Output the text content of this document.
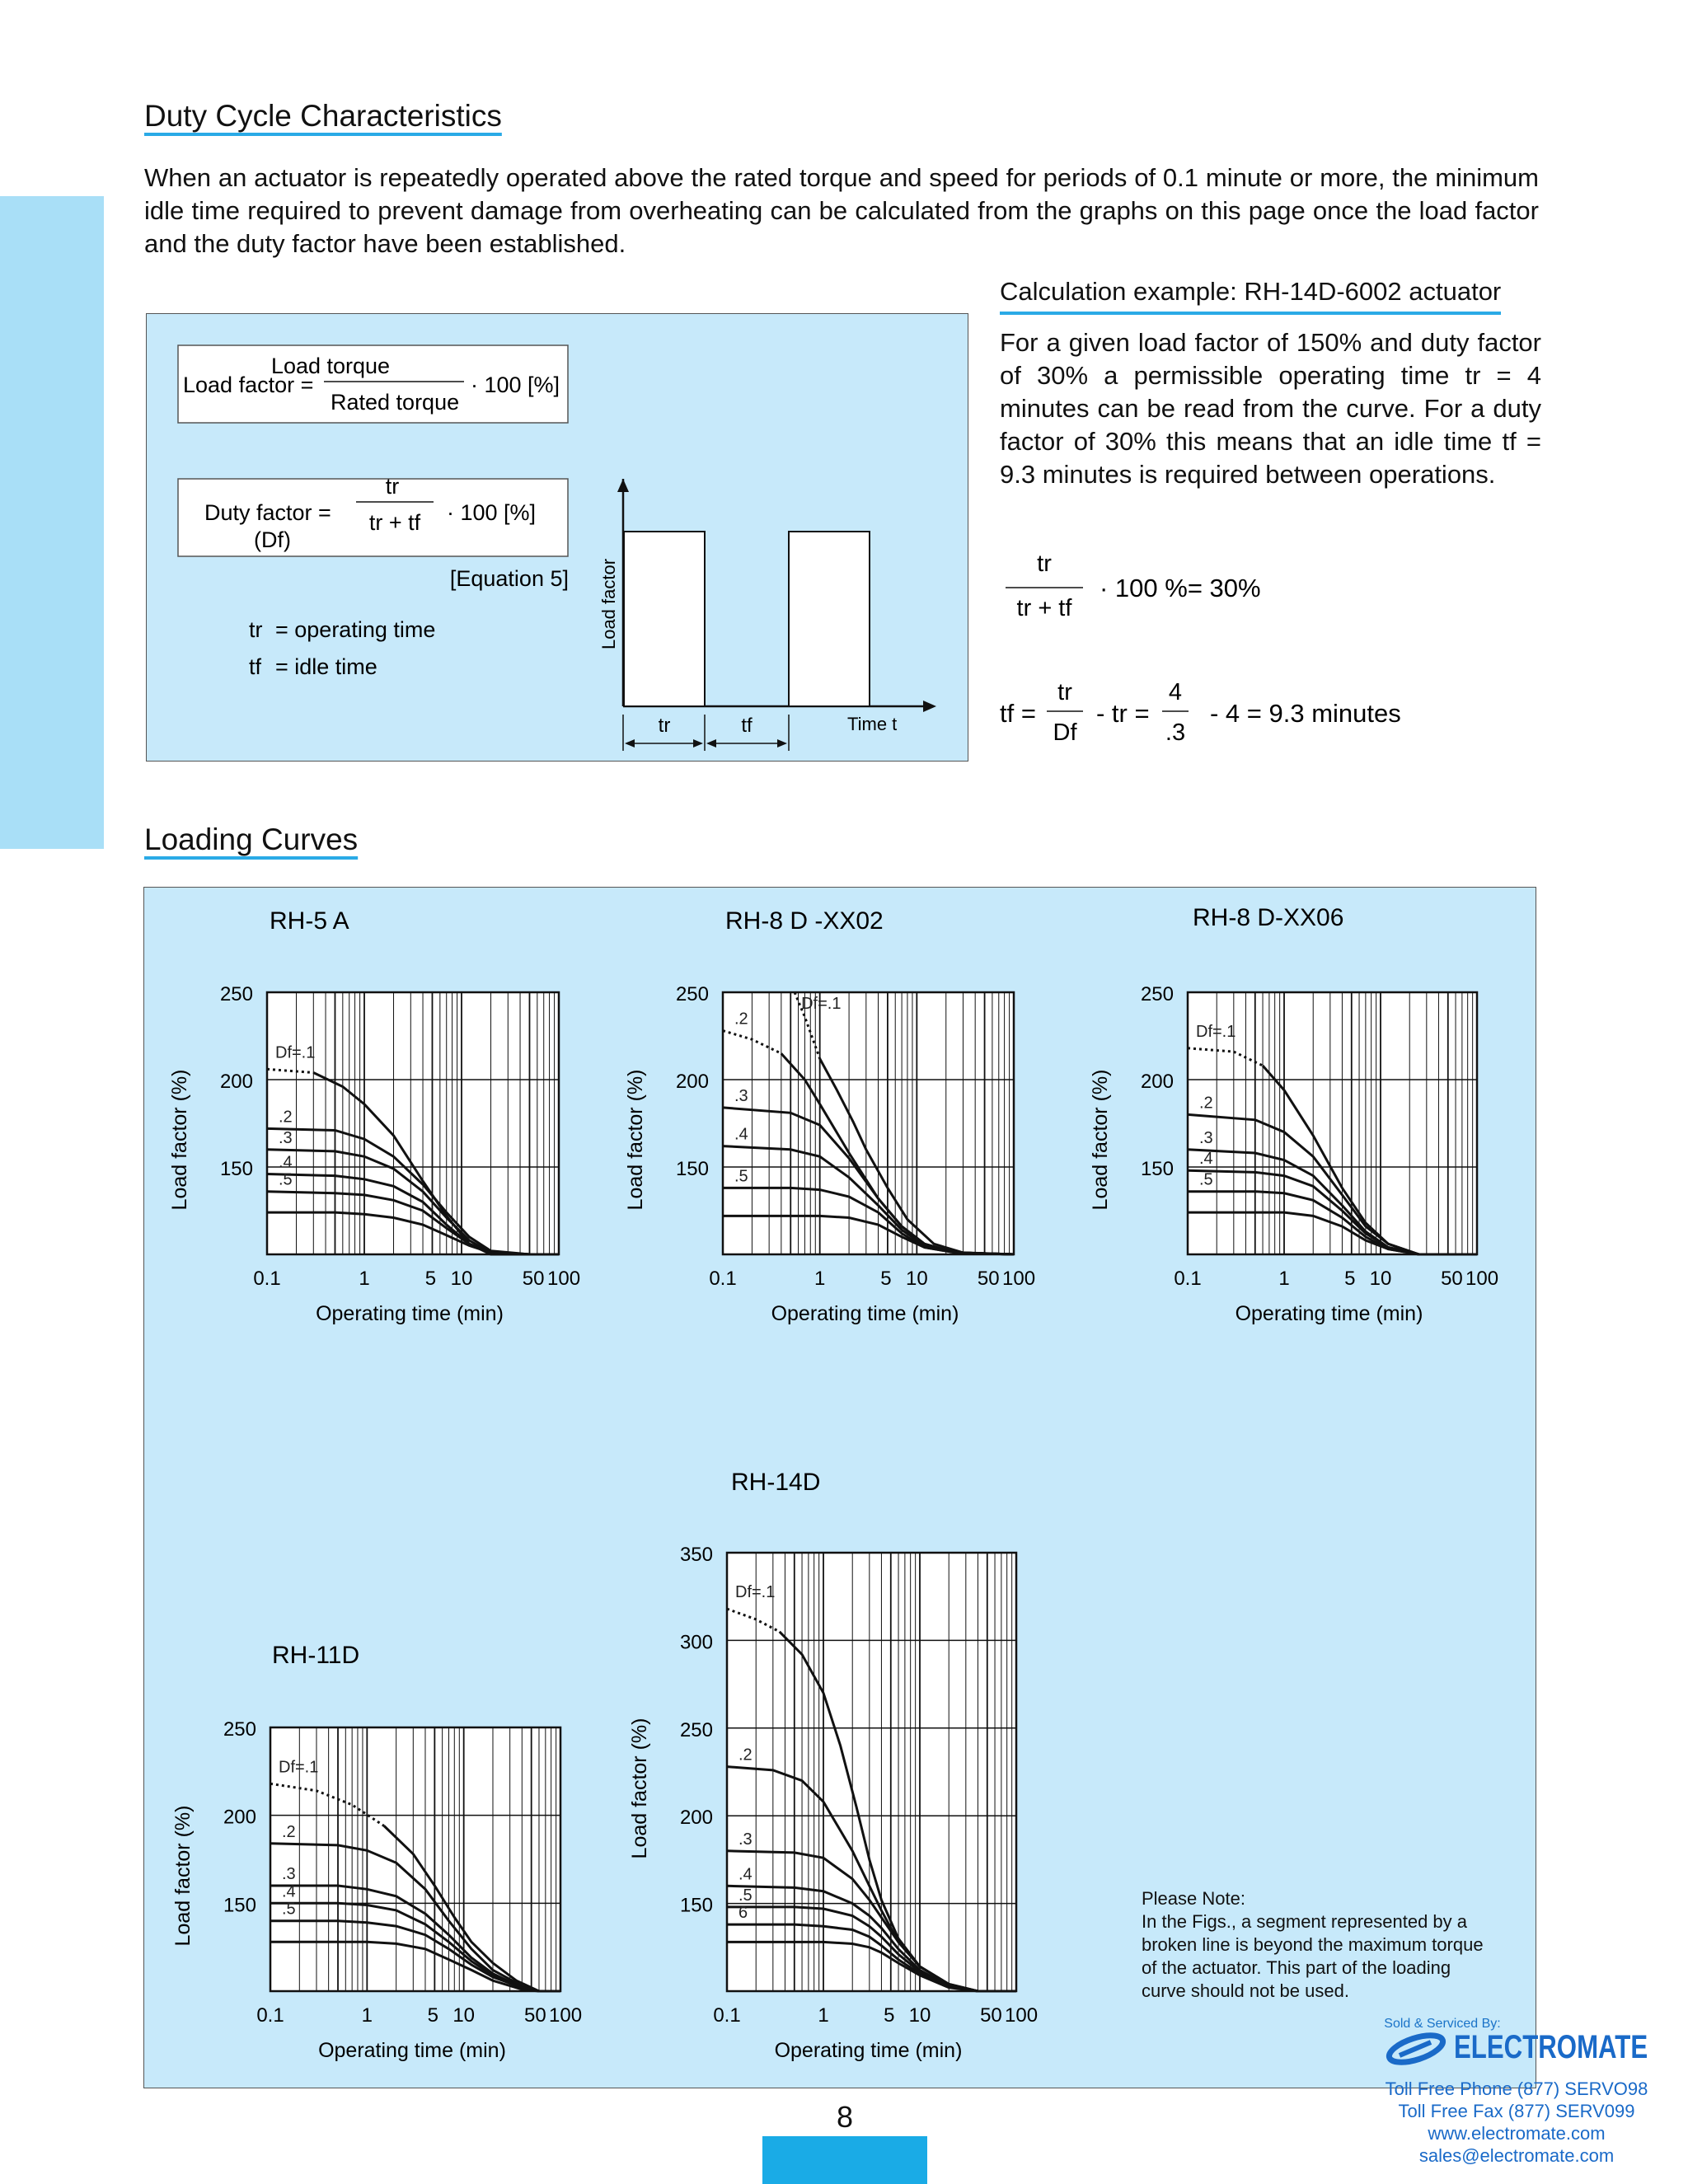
Duty Cycle Characteristics
When an actuator is repeatedly operated above the rated torque and speed for periods of 0.1 minute or more, the minimum idle time required to prevent damage from overheating can be calculated from the graphs on this page once the load factor and the duty factor have been established.
Load factor =
Load torque
Rated torque
· 100 [%]
Duty factor =
(Df)
tr
tr + tf · 100 [%]
[Equation 5]
tr = operating time
tf = idle time
Load factor
Time t
tr	tf
Calculation example: RH-14D-6002 actuator
For a given load factor of 150% and duty factor of 30% a permissible operating time tr = 4 minutes can be read from the curve. For a duty factor of 30% this means that an idle time tf = 9.3 minutes is required between operations.
tr
tr + tf
· 100 %= 30%
tf =
tr
Df
- tr =
4
.3
- 4 = 9.3 minutes
Loading Curves
RH-5 A
250
200
150
0.1	1	5 10	50 100
Operating time (min)
Load factor (%)
Df=.1
.2
.3
.4
.5
RH-8 D -XX02
250
200
150
0.1	1	5 10	50 100
Operating time (min)
Load factor (%)
Df=.1
.2
.3
.4
.5
RH-8 D-XX06
250
200
150
0.1	1	5 10 50 100
Operating time (min)
Load factor (%)
Df=.1
.2
.3
.4
.5
RH-11D
250
200
150
0.1	1	5 10 50 100
Operating time (min)
Load factor (%)
Df=.1
.2
.3
.4
.5
RH-14D
350
300
250
200
150
0.1	1	5 10 50 100
Operating time (min)
Load factor (%)
Df=.1
.2
.3
.4
.5
6
Please Note:
In the Figs., a segment represented by a broken line is beyond the maximum torque of the actuator. This part of the loading curve should not be used.
8
Sold & Serviced By:
ELECTROMATE
Toll Free Phone (877) SERVO98
Toll Free Fax (877) SERV099
www.electromate.com
sales@electromate.com
